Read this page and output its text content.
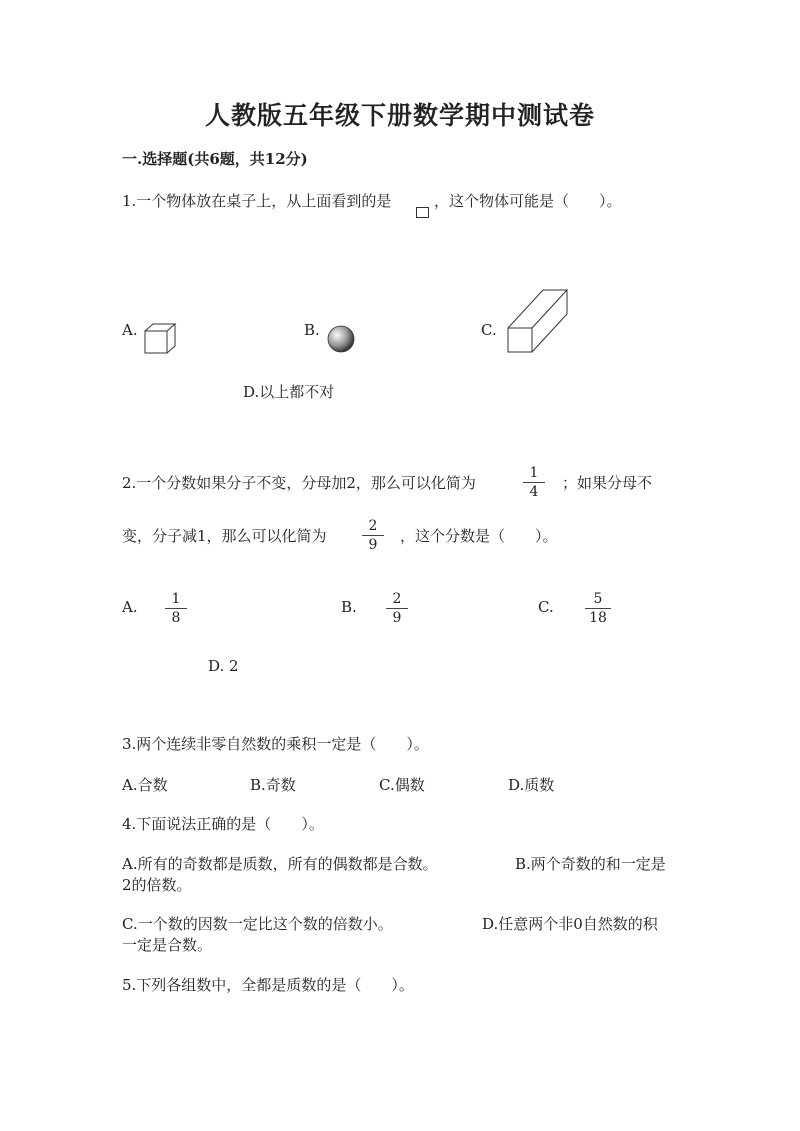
人教版五年级下册数学期中测试卷
一.选择题(共6题，共12分)
1.一个物体放在桌子上，从上面看到的是	，这个物体可能是（　　）。
A.	B.	C.
D.以上都不对
2.一个分数如果分子不变，分母加2，那么可以化简为
1
4	；如果分母不
变，分子减1，那么可以化简为
2
9	，这个分数是（　　）。
A.	1
8
B.	2
9
C.	5
18
D. 2
3.两个连续非零自然数的乘积一定是（　　）。
A.合数	B.奇数	C.偶数	D.质数
4.下面说法正确的是（　　）。
A.所有的奇数都是质数，所有的偶数都是合数。	B.两个奇数的和一定是
2的倍数。
C.一个数的因数一定比这个数的倍数小。	D.任意两个非0自然数的积
一定是合数。
5.下列各组数中，全都是质数的是（　　）。
